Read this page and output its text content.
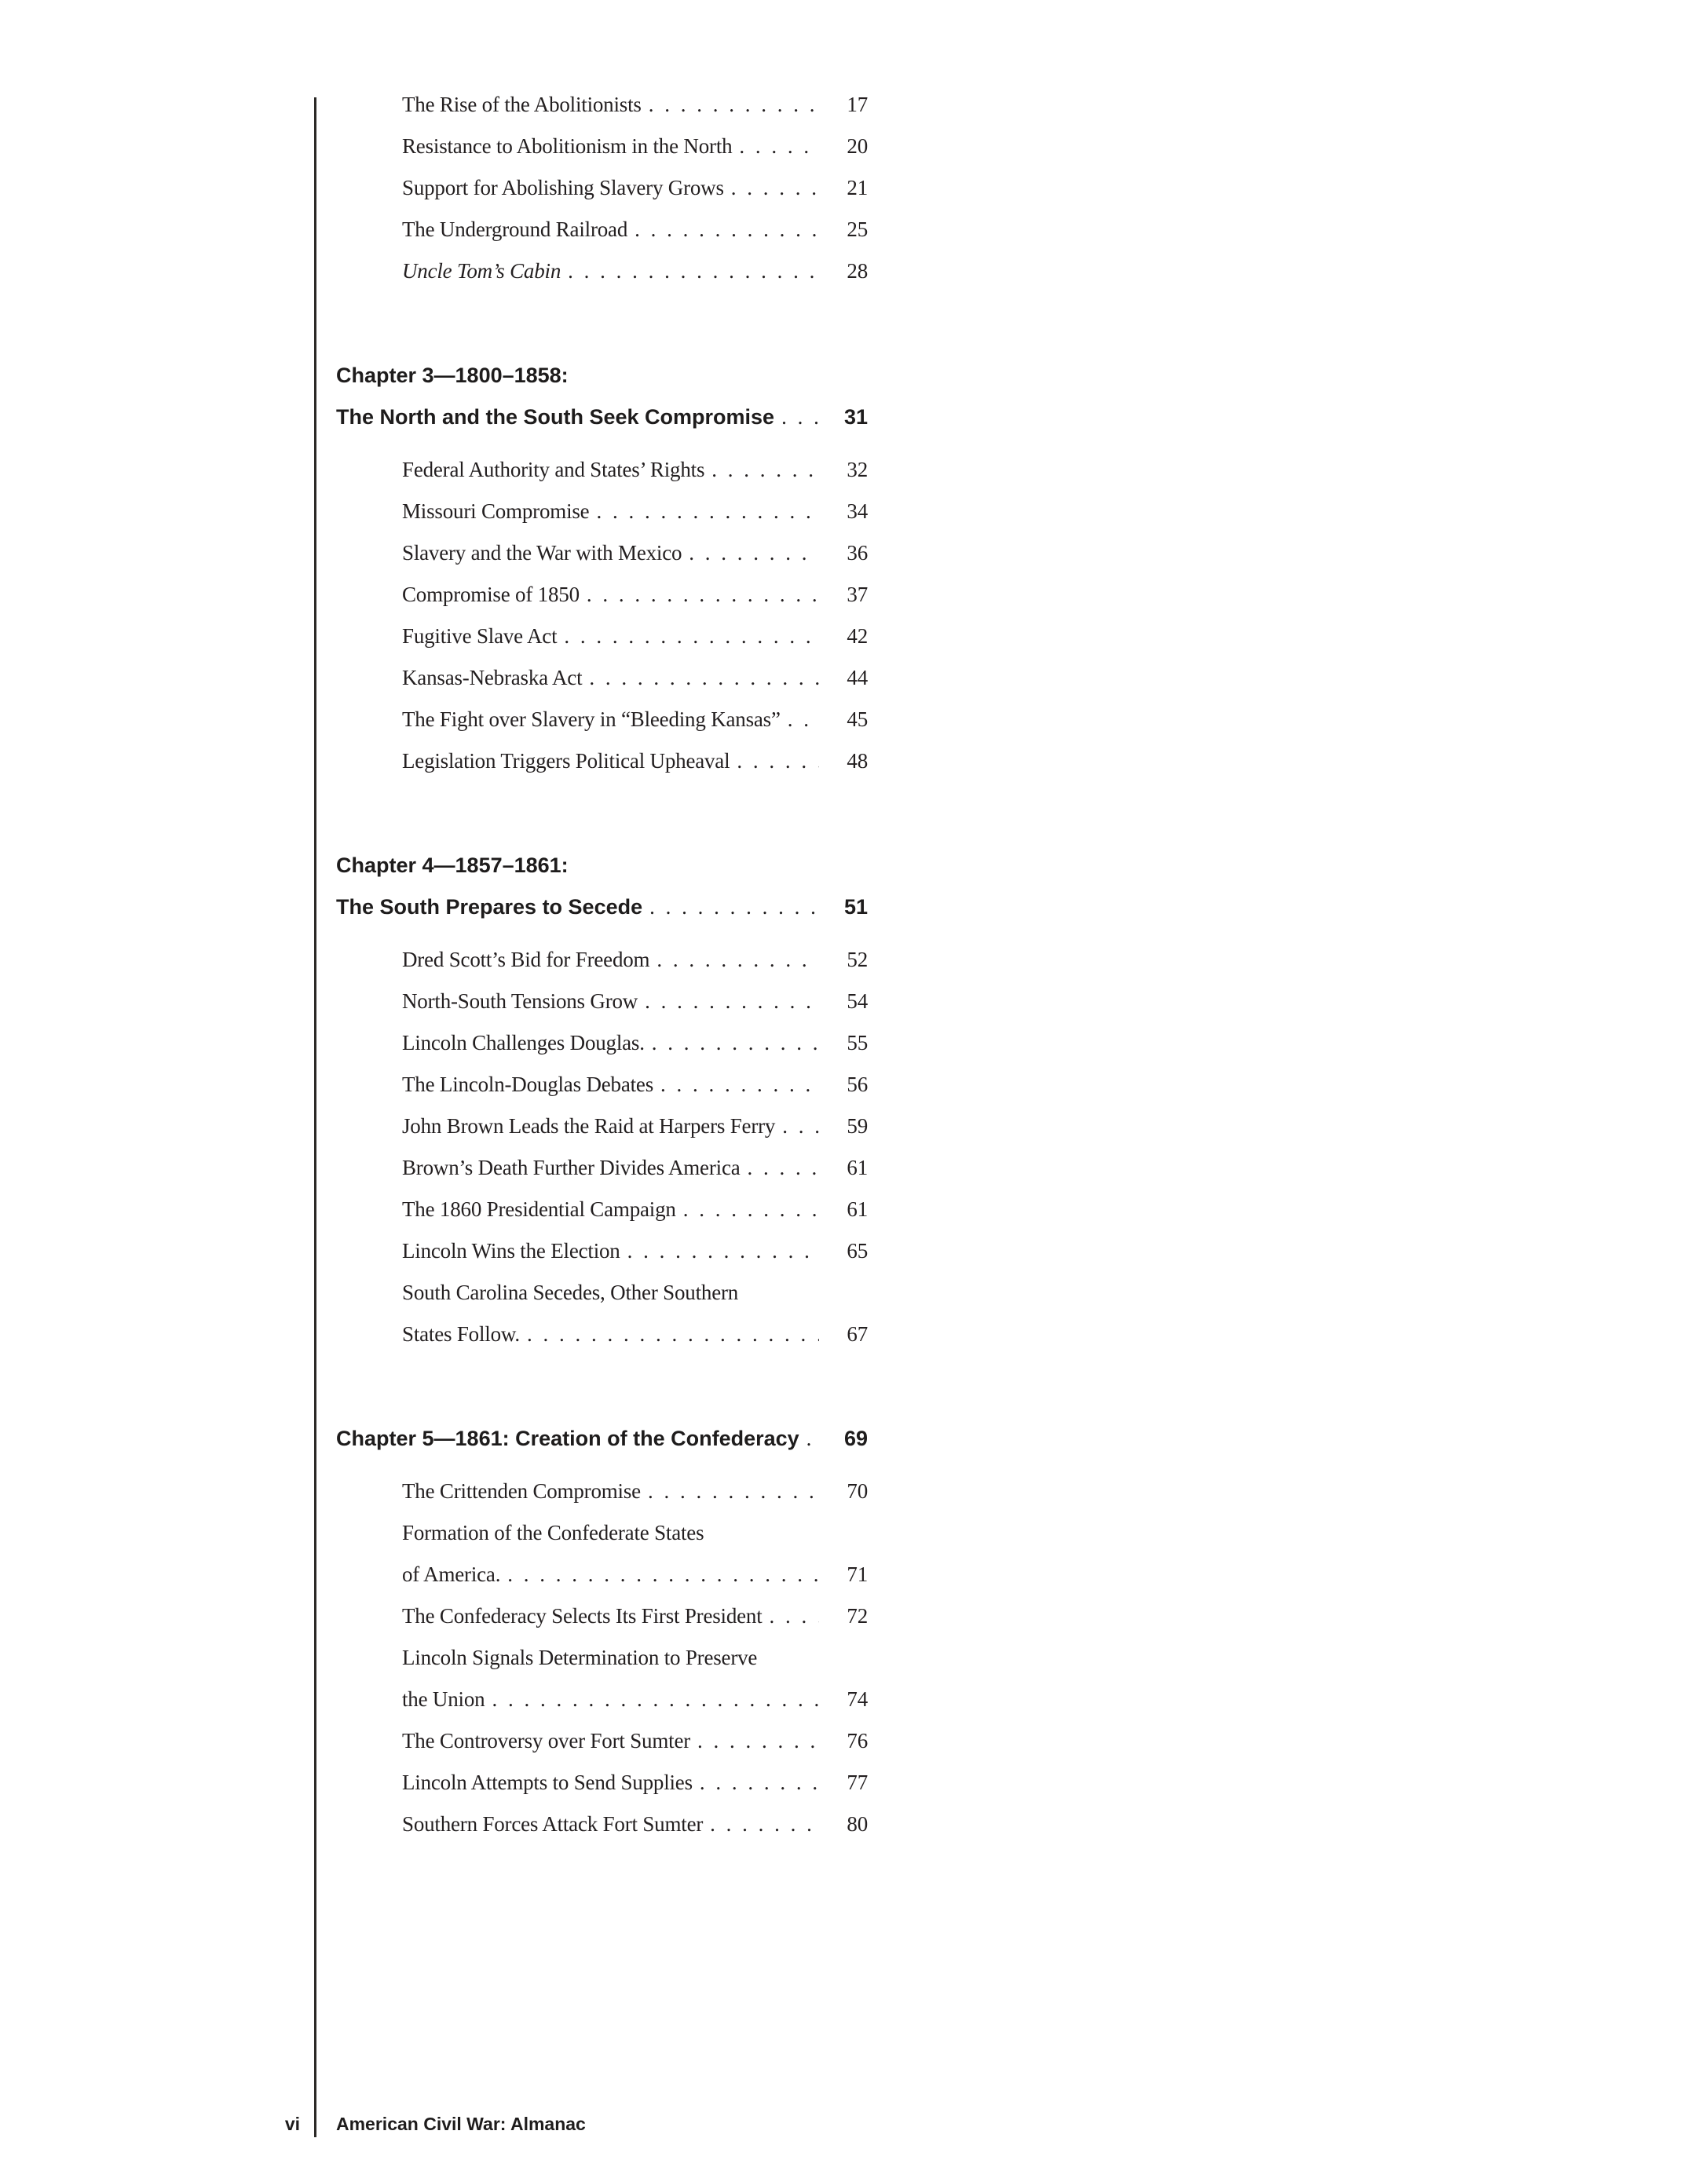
The Rise of the Abolitionists . . .	17
Resistance to Abolitionism in the North . . .	20
Support for Abolishing Slavery Grows . . .	21
The Underground Railroad . . .	25
Uncle Tom’s Cabin . . .	28
Chapter 3—1800–1858:
The North and the South Seek Compromise . . .	31
Federal Authority and States’ Rights . . .	32
Missouri Compromise . . .	34
Slavery and the War with Mexico . . .	36
Compromise of 1850 . . .	37
Fugitive Slave Act . . .	42
Kansas-Nebraska Act . . .	44
The Fight over Slavery in “Bleeding Kansas” . . .	45
Legislation Triggers Political Upheaval . . .	48
Chapter 4—1857–1861:
The South Prepares to Secede . . .	51
Dred Scott’s Bid for Freedom . . .	52
North-South Tensions Grow . . .	54
Lincoln Challenges Douglas. . . .	55
The Lincoln-Douglas Debates . . .	56
John Brown Leads the Raid at Harpers Ferry . . .	59
Brown’s Death Further Divides America . . .	61
The 1860 Presidential Campaign . . .	61
Lincoln Wins the Election . . .	65
South Carolina Secedes, Other Southern
States Follow. . . .	67
Chapter 5—1861: Creation of the Confederacy . . .	69
The Crittenden Compromise . . .	70
Formation of the Confederate States
of America. . . .	71
The Confederacy Selects Its First President . . .	72
Lincoln Signals Determination to Preserve
the Union . . .	74
The Controversy over Fort Sumter . . .	76
Lincoln Attempts to Send Supplies . . .	77
Southern Forces Attack Fort Sumter . . .	80
vi American Civil War: Almanac
